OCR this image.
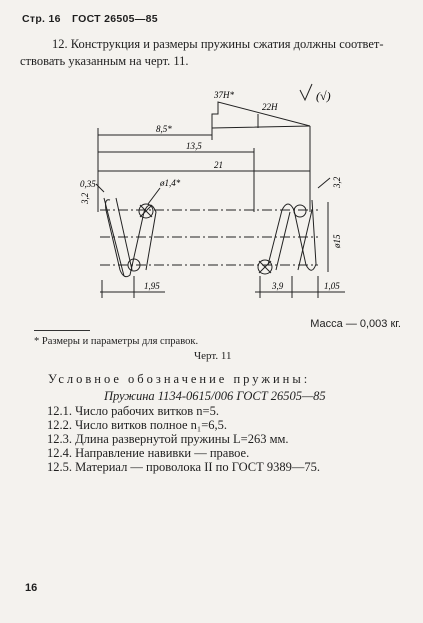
Стр. 16 ГОСТ 26505—85
12. Конструкция и размеры пружины сжатия должны соответ-
ствовать указанным на черт. 11.
37Н*
22Н
8,5*
13,5
21
0,35	ø1,4*
3,2
3,2
ø15
1,95	3,9	1,05
(√)
Масса — 0,003 кг.
* Размеры и параметры для справок.
Черт. 11
Условное обозначение пружины:
Пружина 1134-0615/006 ГОСТ 26505—85
12.1. Число рабочих витков n=5.
12.2. Число витков полное n₁=6,5.
12.3. Длина развернутой пружины L=263 мм.
12.4. Направление навивки — правое.
12.5. Материал — проволока II по ГОСТ 9389—75.
16
